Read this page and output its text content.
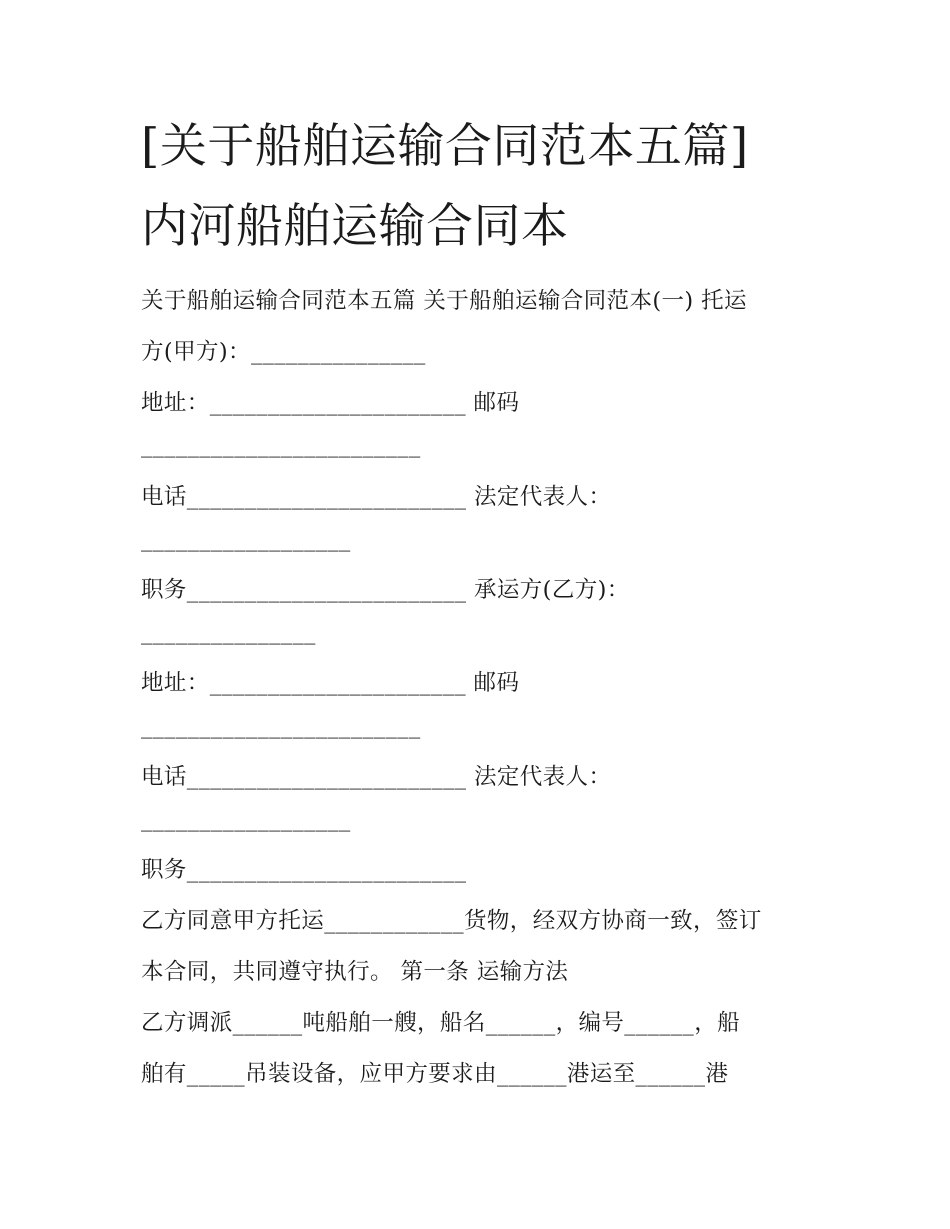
[关于船舶运输合同范本五篇]
内河船舶运输合同本
关于船舶运输合同范本五篇 关于船舶运输合同范本(一) 托运
方(甲方)：_______________
地址：______________________ 邮码
________________________
电话________________________ 法定代表人：
__________________
职务________________________ 承运方(乙方)：
_______________
地址：______________________ 邮码
________________________
电话________________________ 法定代表人：
__________________
职务________________________
乙方同意甲方托运____________货物，经双方协商一致，签订
本合同，共同遵守执行。 第一条 运输方法
乙方调派______吨船舶一艘，船名______，编号______，船
舶有_____吊装设备，应甲方要求由______港运至______港
